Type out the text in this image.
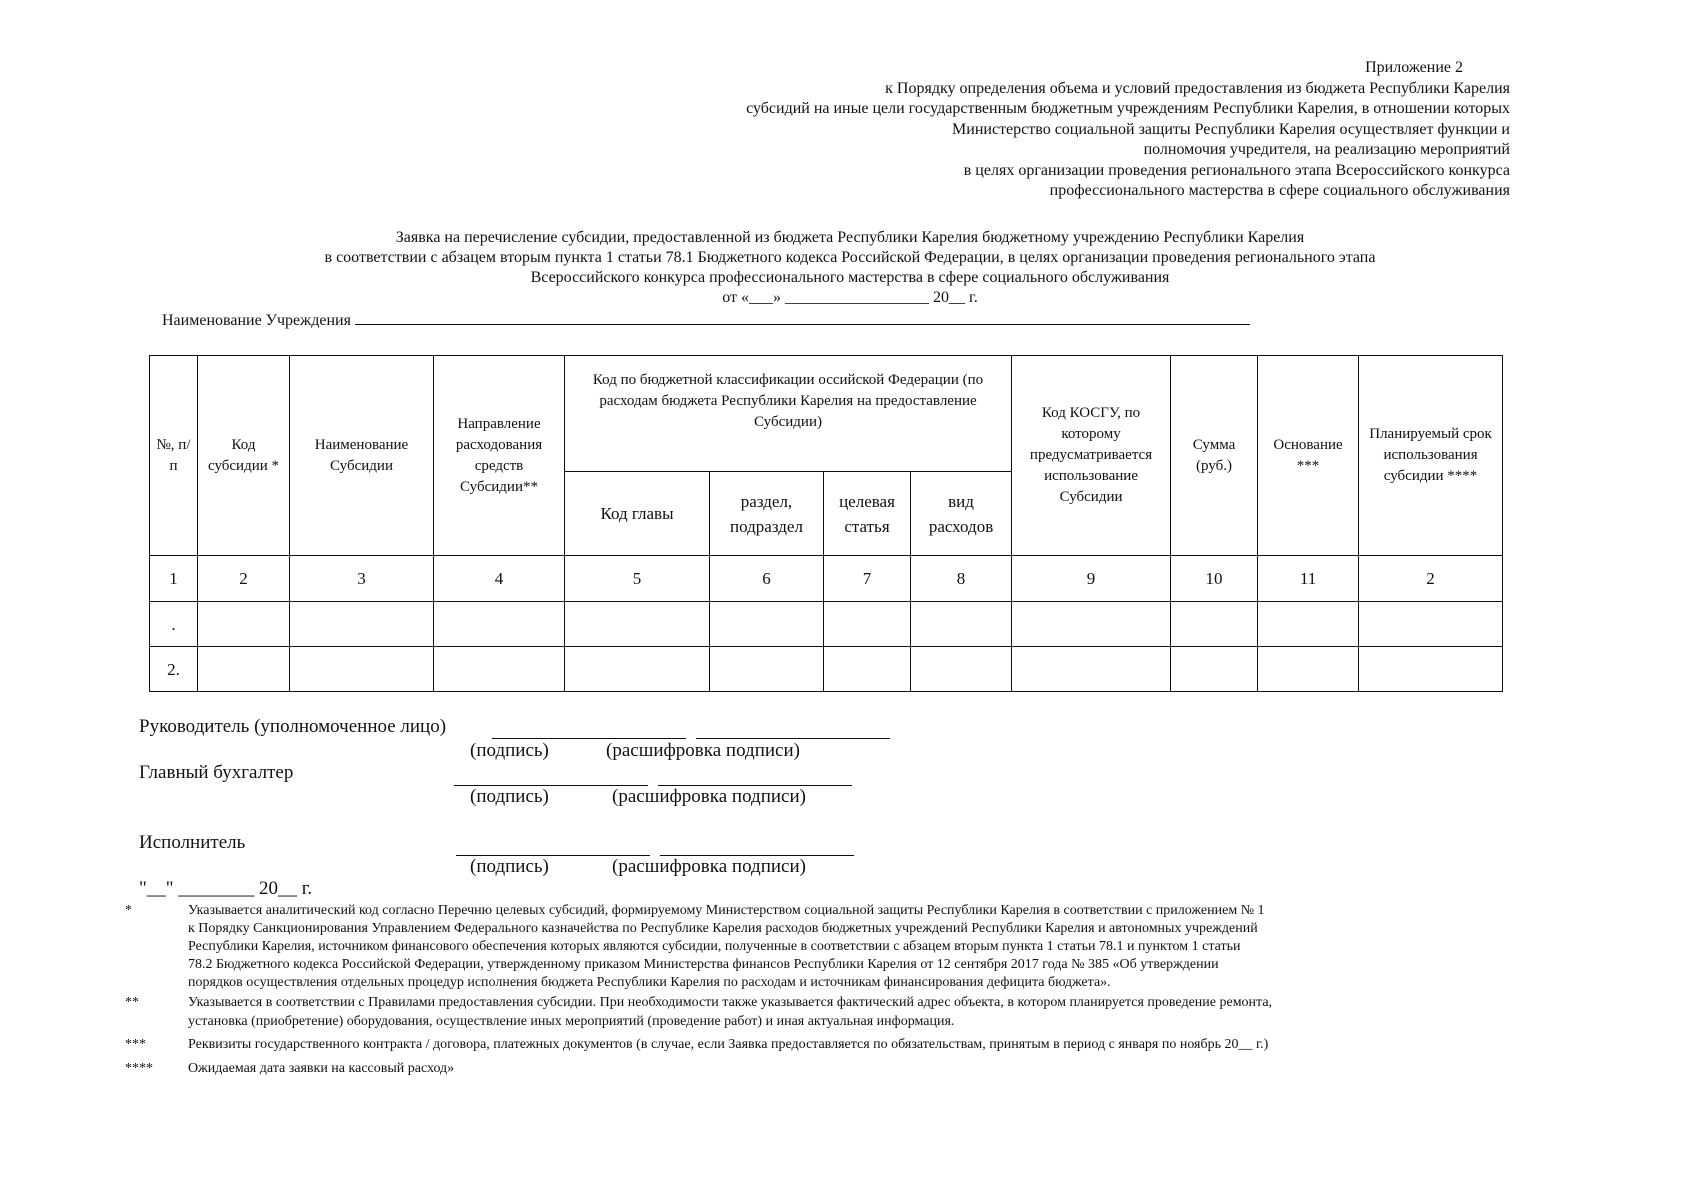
Приложение 2
к Порядку определения объема и условий предоставления из бюджета Республики Карелия
субсидий на иные цели государственным бюджетным учреждениям Республики Карелия, в отношении которых
Министерство социальной защиты Республики Карелия осуществляет функции и
полномочия учредителя, на реализацию мероприятий
в целях организации проведения регионального этапа Всероссийского конкурса
профессионального мастерства в сфере социального обслуживания
Заявка на перечисление субсидии, предоставленной из бюджета Республики Карелия бюджетному учреждению Республики Карелия
в соответствии с абзацем вторым пункта 1 статьи 78.1 Бюджетного кодекса Российской Федерации, в целях организации проведения регионального этапа
Всероссийского конкурса профессионального мастерства в сфере социального обслуживания
от «___» __________________ 20__ г.
Наименование Учреждения
№, п/п	Код субсидии *	Наименование Субсидии	Направление расходования средств Субсидии**	Код по бюджетной классификации оссийской Федерации (по расходам бюджета Республики Карелия на предоставление Субсидии)				Код КОСГУ, по которому предусматривается использование Субсидии	Сумма (руб.)	Основание ***	Планируемый срок использования субсидии ****
				Код главы	раздел, подраздел	целевая статья	вид расходов				
1	2	3	4	5	6	7	8	9	10	11	2
.											
2.											
Руководитель (уполномоченное лицо)
(подпись)	(расшифровка подписи)
Главный бухгалтер
(подпись)	(расшифровка подписи)
Исполнитель
(подпись)	(расшифровка подписи)
"__" ________ 20__ г.
*	Указывается аналитический код согласно Перечню целевых субсидий, формируемому Министерством социальной защиты Республики Карелия в соответствии с приложением № 1
к Порядку Санкционирования Управлением Федерального казначейства по Республике Карелия расходов бюджетных учреждений Республики Карелия и автономных учреждений
Республики Карелия, источником финансового обеспечения которых являются субсидии, полученные в соответствии с абзацем вторым пункта 1 статьи 78.1 и пунктом 1 статьи
78.2 Бюджетного кодекса Российской Федерации, утвержденному приказом Министерства финансов Республики Карелия от 12 сентября 2017 года № 385 «Об утверждении
порядков осуществления отдельных процедур исполнения бюджета Республики Карелия по расходам и источникам финансирования дефицита бюджета».
**	Указывается в соответствии с Правилами предоставления субсидии. При необходимости также указывается фактический адрес объекта, в котором планируется проведение ремонта,
установка (приобретение) оборудования, осуществление иных мероприятий (проведение работ) и иная актуальная информация.
***	Реквизиты государственного контракта / договора, платежных документов (в случае, если Заявка предоставляется по обязательствам, принятым в период с января по ноябрь 20__ г.)
****	Ожидаемая дата заявки на кассовый расход»
